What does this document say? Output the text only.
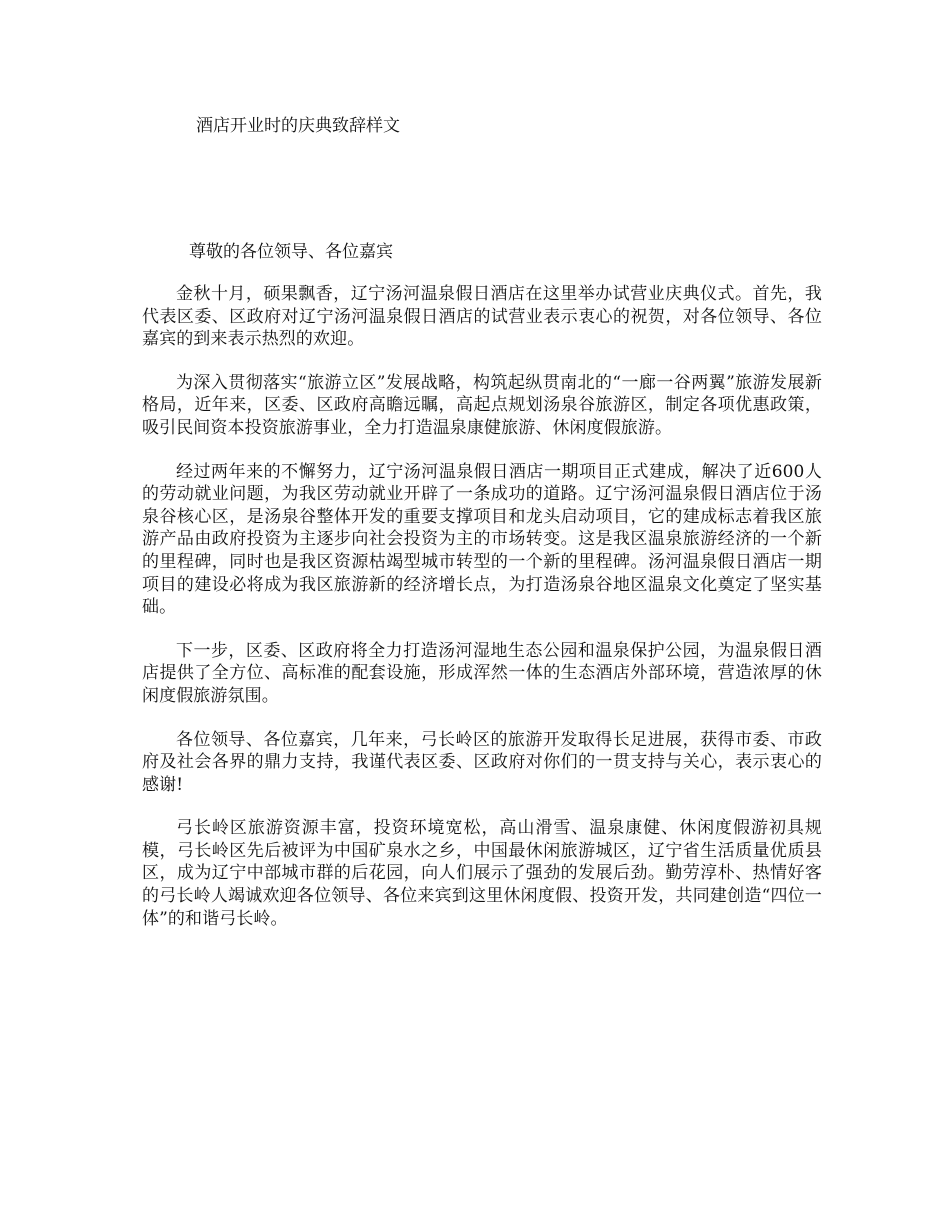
酒店开业时的庆典致辞样文

尊敬的各位领导、各位嘉宾

金秋十月，硕果飘香，辽宁汤河温泉假日酒店在这里举办试营业庆典仪式。首先，我代表区委、区政府对辽宁汤河温泉假日酒店的试营业表示衷心的祝贺，对各位领导、各位嘉宾的到来表示热烈的欢迎。

为深入贯彻落实“旅游立区”发展战略，构筑起纵贯南北的“一廊一谷两翼”旅游发展新格局，近年来，区委、区政府高瞻远瞩，高起点规划汤泉谷旅游区，制定各项优惠政策，吸引民间资本投资旅游事业，全力打造温泉康健旅游、休闲度假旅游。

经过两年来的不懈努力，辽宁汤河温泉假日酒店一期项目正式建成，解决了近600人的劳动就业问题，为我区劳动就业开辟了一条成功的道路。辽宁汤河温泉假日酒店位于汤泉谷核心区，是汤泉谷整体开发的重要支撑项目和龙头启动项目，它的建成标志着我区旅游产品由政府投资为主逐步向社会投资为主的市场转变。这是我区温泉旅游经济的一个新的里程碑，同时也是我区资源枯竭型城市转型的一个新的里程碑。汤河温泉假日酒店一期项目的建设必将成为我区旅游新的经济增长点，为打造汤泉谷地区温泉文化奠定了坚实基础。

下一步，区委、区政府将全力打造汤河湿地生态公园和温泉保护公园，为温泉假日酒店提供了全方位、高标准的配套设施，形成浑然一体的生态酒店外部环境，营造浓厚的休闲度假旅游氛围。

各位领导、各位嘉宾，几年来，弓长岭区的旅游开发取得长足进展，获得市委、市政府及社会各界的鼎力支持，我谨代表区委、区政府对你们的一贯支持与关心，表示衷心的感谢!

弓长岭区旅游资源丰富，投资环境宽松，高山滑雪、温泉康健、休闲度假游初具规模，弓长岭区先后被评为中国矿泉水之乡，中国最休闲旅游城区，辽宁省生活质量优质县区，成为辽宁中部城市群的后花园，向人们展示了强劲的发展后劲。勤劳淳朴、热情好客的弓长岭人竭诚欢迎各位领导、各位来宾到这里休闲度假、投资开发，共同建创造“四位一体”的和谐弓长岭。
